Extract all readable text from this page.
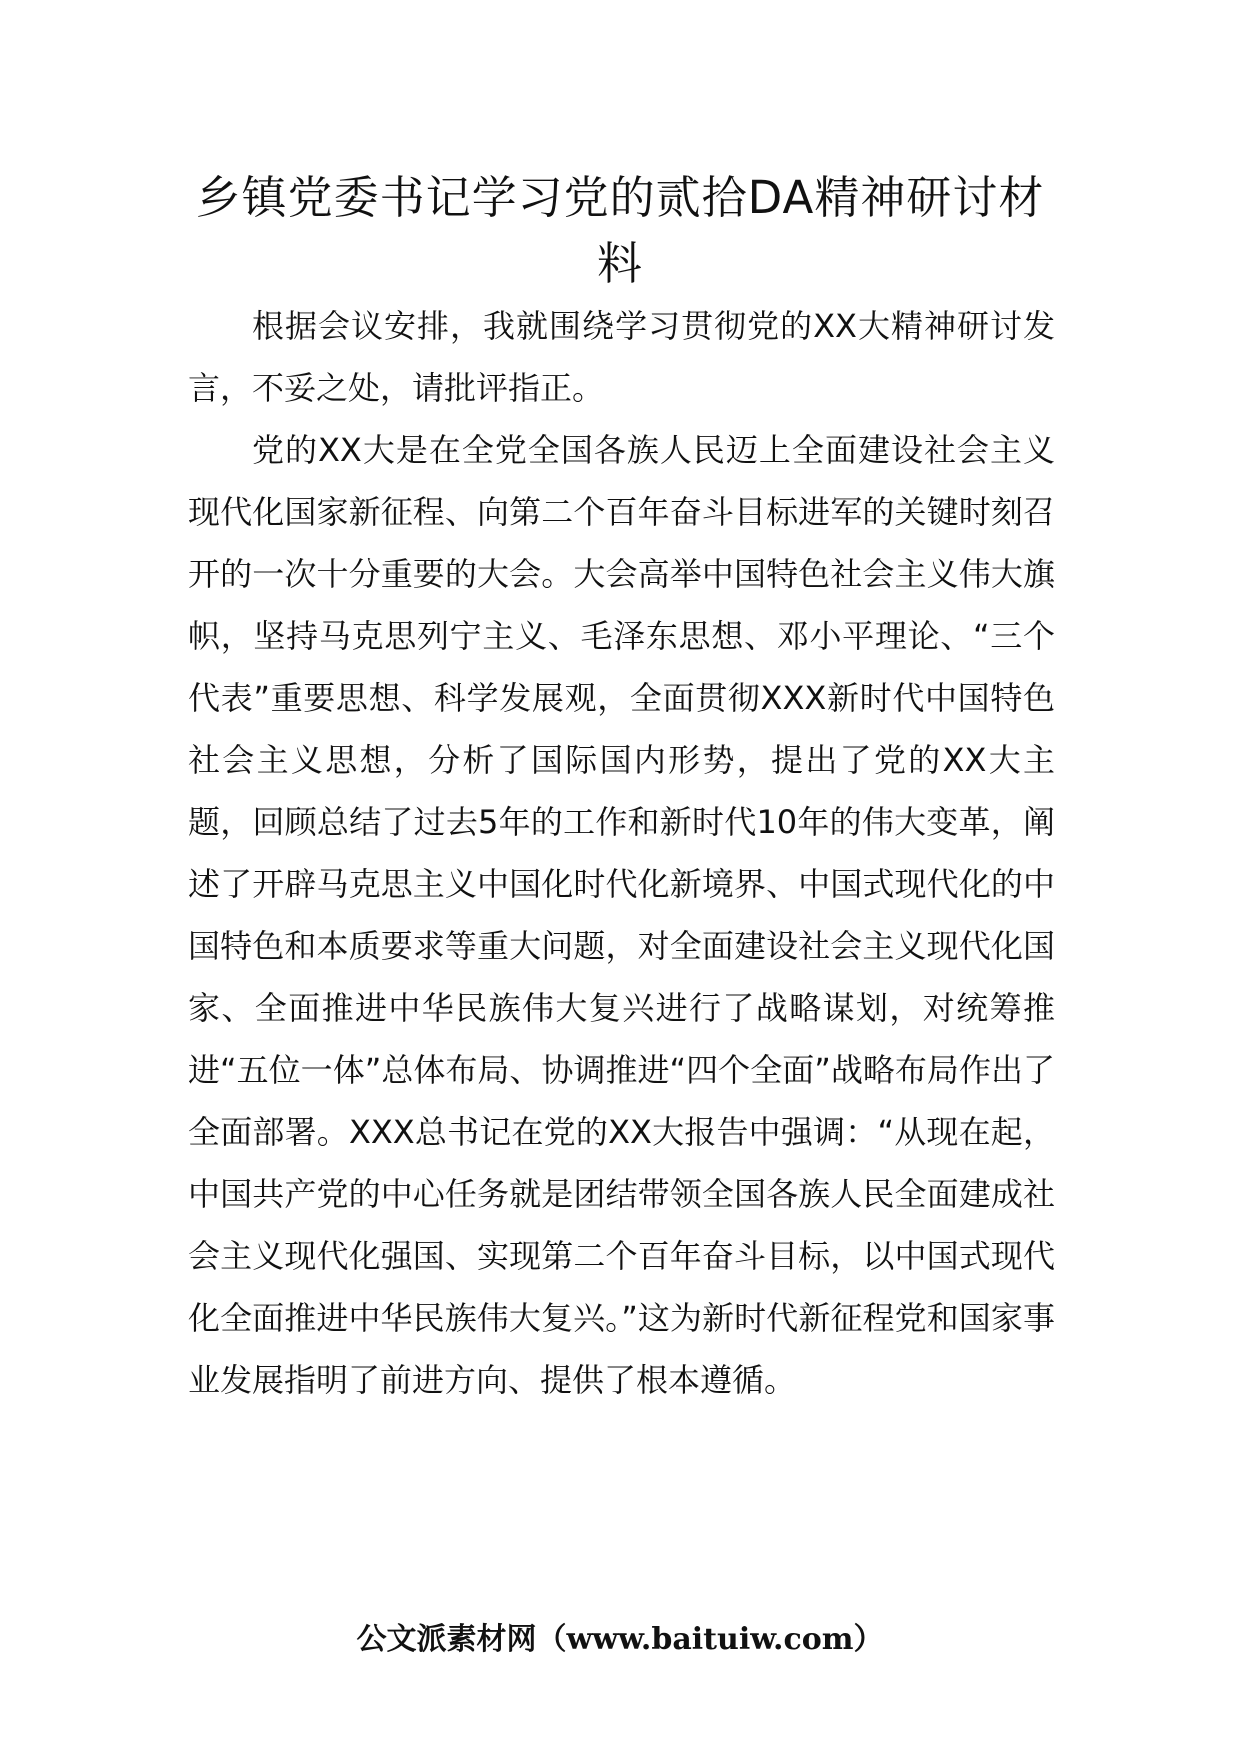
乡镇党委书记学习党的贰拾DA精神研讨材料

根据会议安排，我就围绕学习贯彻党的XX大精神研讨发言，不妥之处，请批评指正。

党的XX大是在全党全国各族人民迈上全面建设社会主义现代化国家新征程、向第二个百年奋斗目标进军的关键时刻召开的一次十分重要的大会。大会高举中国特色社会主义伟大旗帜，坚持马克思列宁主义、毛泽东思想、邓小平理论、“三个代表”重要思想、科学发展观，全面贯彻XXX新时代中国特色社会主义思想，分析了国际国内形势，提出了党的XX大主题，回顾总结了过去5年的工作和新时代10年的伟大变革，阐述了开辟马克思主义中国化时代化新境界、中国式现代化的中国特色和本质要求等重大问题，对全面建设社会主义现代化国家、全面推进中华民族伟大复兴进行了战略谋划，对统筹推进“五位一体”总体布局、协调推进“四个全面”战略布局作出了全面部署。XXX总书记在党的XX大报告中强调：“从现在起，中国共产党的中心任务就是团结带领全国各族人民全面建成社会主义现代化强国、实现第二个百年奋斗目标，以中国式现代化全面推进中华民族伟大复兴。”这为新时代新征程党和国家事业发展指明了前进方向、提供了根本遵循。

公文派素材网（www.baituiw.com）
